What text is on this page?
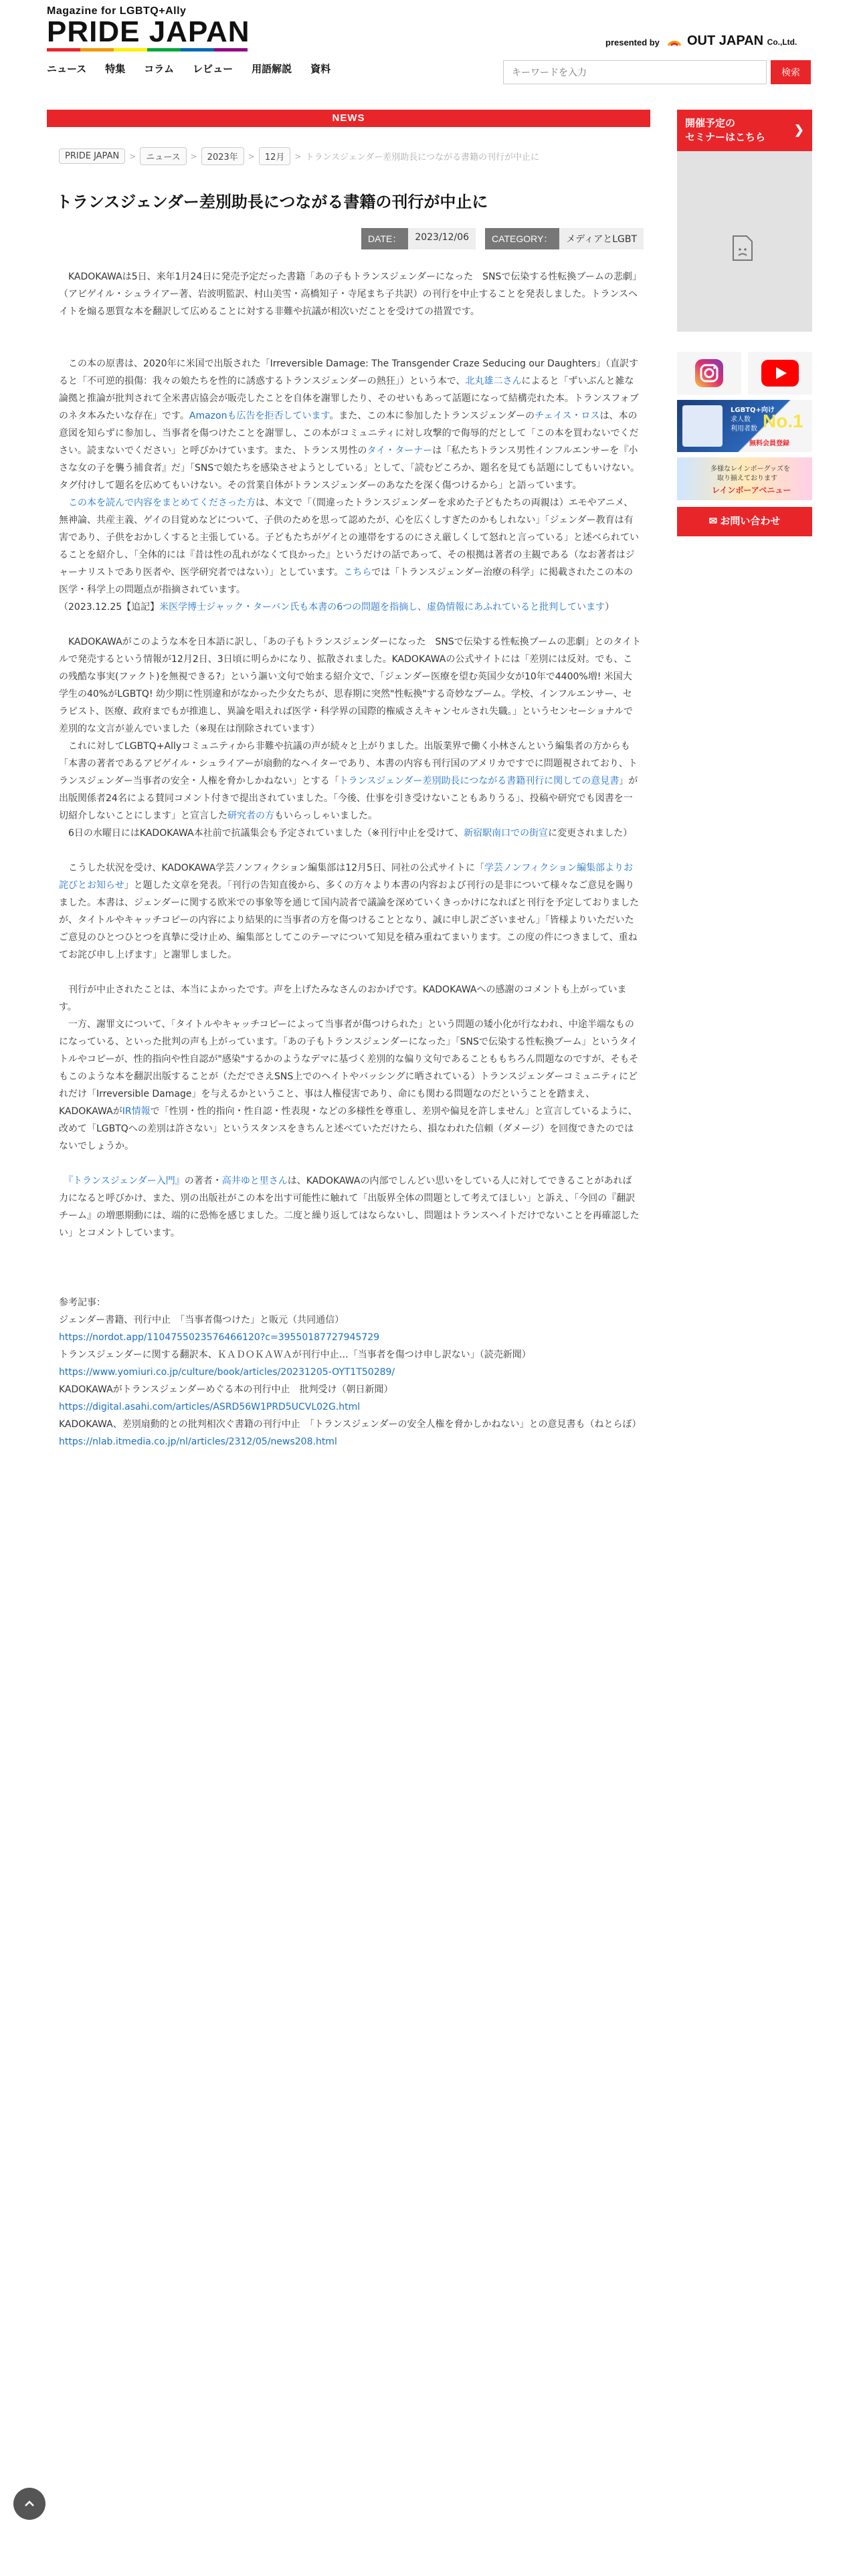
Magazine for LGBTQ+Ally
PRIDE JAPAN	presented by OUT JAPAN Co.,Ltd.
ニュース 特集 コラム レビュー 用語解説 資料
キーワードを入力	検索
NEWS
PRIDE JAPAN	>	ニュース	>	2023年	>	12月	> トランスジェンダー差別助長につながる書籍の刊行が中止に
トランスジェンダー差別助長につながる書籍の刊行が中止に
DATE：	2023/12/06	CATEGORY：	メディアとLGBT

　KADOKAWAは5日、来年1月24日に発売予定だった書籍「あの子もトランスジェンダーになった　SNSで伝染する性転換ブームの悲劇」（アビゲイル・シュライアー著、岩波明監訳、村山美雪・高橋知子・寺尾まち子共訳）の刊行を中止することを発表しました。トランスヘイトを煽る悪質な本を翻訳して広めることに対する非難や抗議が相次いだことを受けての措置です。

　この本の原書は、2020年に米国で出版された「Irreversible Damage: The Transgender Craze Seducing our Daughters」（直訳すると「不可逆的損傷：我々の娘たちを性的に誘惑するトランスジェンダーの熱狂」）という本で、北丸雄二さんによると「ずいぶんと雑な論拠と推論が批判されて全米書店協会が販売したことを自体を謝罪したり、そのせいもあって話題になって結構売れた本。トランスフォブのネタ本みたいな存在」です。Amazonも広告を拒否しています。また、この本に参加したトランスジェンダーのチェイス・ロスは、本の意図を知らずに参加し、当事者を傷つけたことを謝罪し、この本がコミュニティに対し攻撃的で侮辱的だとして「この本を買わないでください。読まないでください」と呼びかけています。また、トランス男性のタイ・ターナーは「私たちトランス男性インフルエンサーを『小さな女の子を襲う捕食者』だ」「SNSで娘たちを感染させようとしている」として、「読むどころか、題名を見ても話題にしてもいけない。タグ付けして題名を広めてもいけない。その営業自体がトランスジェンダーのあなたを深く傷つけるから」と語っています。

　この本を読んで内容をまとめてくださった方は、本文で「（間違ったトランスジェンダーを求めた子どもたちの両親は）エモやアニメ、無神論、共産主義、ゲイの目覚めなどについて、子供のためを思って認めたが、心を広くしすぎたのかもしれない」「ジェンダー教育は有害であり、子供をおかしくすると主張している。子どもたちがゲイとの連帯をするのにさえ厳しくして怒れと言っている」と述べられていることを紹介し、「全体的には『昔は性の乱れがなくて良かった』というだけの話であって、その根拠は著者の主観である（なお著者はジャーナリストであり医者や、医学研究者ではない）」としています。こちらでは「トランスジェンダー治療の科学」に掲載されたこの本の医学・科学上の問題点が指摘されています。

（2023.12.25【追記】米医学博士ジャック・ターバン氏も本書の6つの問題を指摘し、虚偽情報にあふれていると批判しています）

　KADOKAWAがこのような本を日本語に訳し、「あの子もトランスジェンダーになった　SNSで伝染する性転換ブームの悲劇」とのタイトルで発売するという情報が12月2日、3日頃に明らかになり、拡散されました。KADOKAWAの公式サイトには「差別には反対。でも、この残酷な事実(ファクト)を無視できる?」という謳い文句で始まる紹介文で、「ジェンダー医療を望む英国少女が10年で4400%増! 米国大学生の40%がLGBTQ! 幼少期に性別違和がなかった少女たちが、思春期に突然"性転換"する奇妙なブーム。学校、インフルエンサー、セラピスト、医療、政府までもが推進し、異論を唱えれば医学・科学界の国際的権威さえキャンセルされ失職。」というセンセーショナルで差別的な文言が並んでいました（※現在は削除されています）

　これに対してLGBTQ+Allyコミュニティから非難や抗議の声が続々と上がりました。出版業界で働く小林さんという編集者の方からも「本書の著者であるアビゲイル・シュライアーが扇動的なヘイターであり、本書の内容も刊行国のアメリカですでに問題視されており、トランスジェンダー当事者の安全・人権を脅かしかねない」とする「トランスジェンダー差別助長につながる書籍刊行に関しての意見書」が出版関係者24名による賛同コメント付きで提出されていました。「今後、仕事を引き受けないこともありうる」、投稿や研究でも図書を一切紹介しないことにします」と宣言した研究者の方もいらっしゃいました。

　6日の水曜日にはKADOKAWA本社前で抗議集会も予定されていました（※刊行中止を受けて、新宿駅南口での街宣に変更されました）

　こうした状況を受け、KADOKAWA学芸ノンフィクション編集部は12月5日、同社の公式サイトに「学芸ノンフィクション編集部よりお詫びとお知らせ」と題した文章を発表。「刊行の告知直後から、多くの方々より本書の内容および刊行の是非について様々なご意見を賜りました。本書は、ジェンダーに関する欧米での事象等を通じて国内読者で議論を深めていくきっかけになればと刊行を予定しておりましたが、タイトルやキャッチコピーの内容により結果的に当事者の方を傷つけることとなり、誠に申し訳ございません」「皆様よりいただいたご意見のひとつひとつを真摯に受け止め、編集部としてこのテーマについて知見を積み重ねてまいります。この度の件につきまして、重ねてお詫び申し上げます」と謝罪しました。

　刊行が中止されたことは、本当によかったです。声を上げたみなさんのおかげです。KADOKAWAへの感謝のコメントも上がっています。

　一方、謝罪文について、「タイトルやキャッチコピーによって当事者が傷つけられた」という問題の矮小化が行なわれ、中途半端なものになっている、といった批判の声も上がっています。「あの子もトランスジェンダーになった」「SNSで伝染する性転換ブーム」というタイトルやコピーが、性的指向や性自認が"感染"するかのようなデマに基づく差別的な偏り文句であることももちろん問題なのですが、そもそもこのような本を翻訳出版することが（ただでさえSNS上でのヘイトやバッシングに晒されている）トランスジェンダーコミュニティにどれだけ「Irreversible Damage」を与えるかということ、事は人権侵害であり、命にも関わる問題なのだということを踏まえ、KADOKAWAがIR情報で「性別・性的指向・性自認・性表現・などの多様性を尊重し、差別や偏見を許しません」と宣言しているように、改めて「LGBTQへの差別は許さない」というスタンスをきちんと述べていただけたら、損なわれた信頼（ダメージ）を回復できたのではないでしょうか。

　『トランスジェンダー入門』の著者・高井ゆと里さんは、KADOKAWAの内部でしんどい思いをしている人に対してできることがあれば力になると呼びかけ、また、別の出版社がこの本を出す可能性に触れて「出版界全体の問題として考えてほしい」と訴え、「今回の『翻訳チーム』の増悪期動には、端的に恐怖を感じました。二度と繰り返してはならないし、問題はトランスヘイトだけでないことを再確認したい」とコメントしています。

参考記事：

ジェンダー書籍、刊行中止　「当事者傷つけた」と販元（共同通信）

https://nordot.app/1104755023576466120?c=39550187727945729

トランスジェンダーに関する翻訳本、ＫＡＤＯＫＡＷＡが刊行中止…「当事者を傷つけ申し訳ない」（読売新聞）

https://www.yomiuri.co.jp/culture/book/articles/20231205-OYT1T50289/

KADOKAWAがトランスジェンダーめぐる本の刊行中止　批判受け（朝日新聞）

https://digital.asahi.com/articles/ASRD56W1PRD5UCVL02G.html

KADOKAWA、差別扇動的との批判相次ぐ書籍の刊行中止　「トランスジェンダーの安全人権を脅かしかねない」との意見書も（ねとらぼ）

https://nlab.itmedia.co.jp/nl/articles/2312/05/news208.html

開催予定の
セミナーはこちら
❯
LGBTQ+向け
求人数
利用者数 No.1
無料会員登録
多様なレインボーグッズを
取り揃えております
レインボーアベニュー
✉ お問い合わせ
